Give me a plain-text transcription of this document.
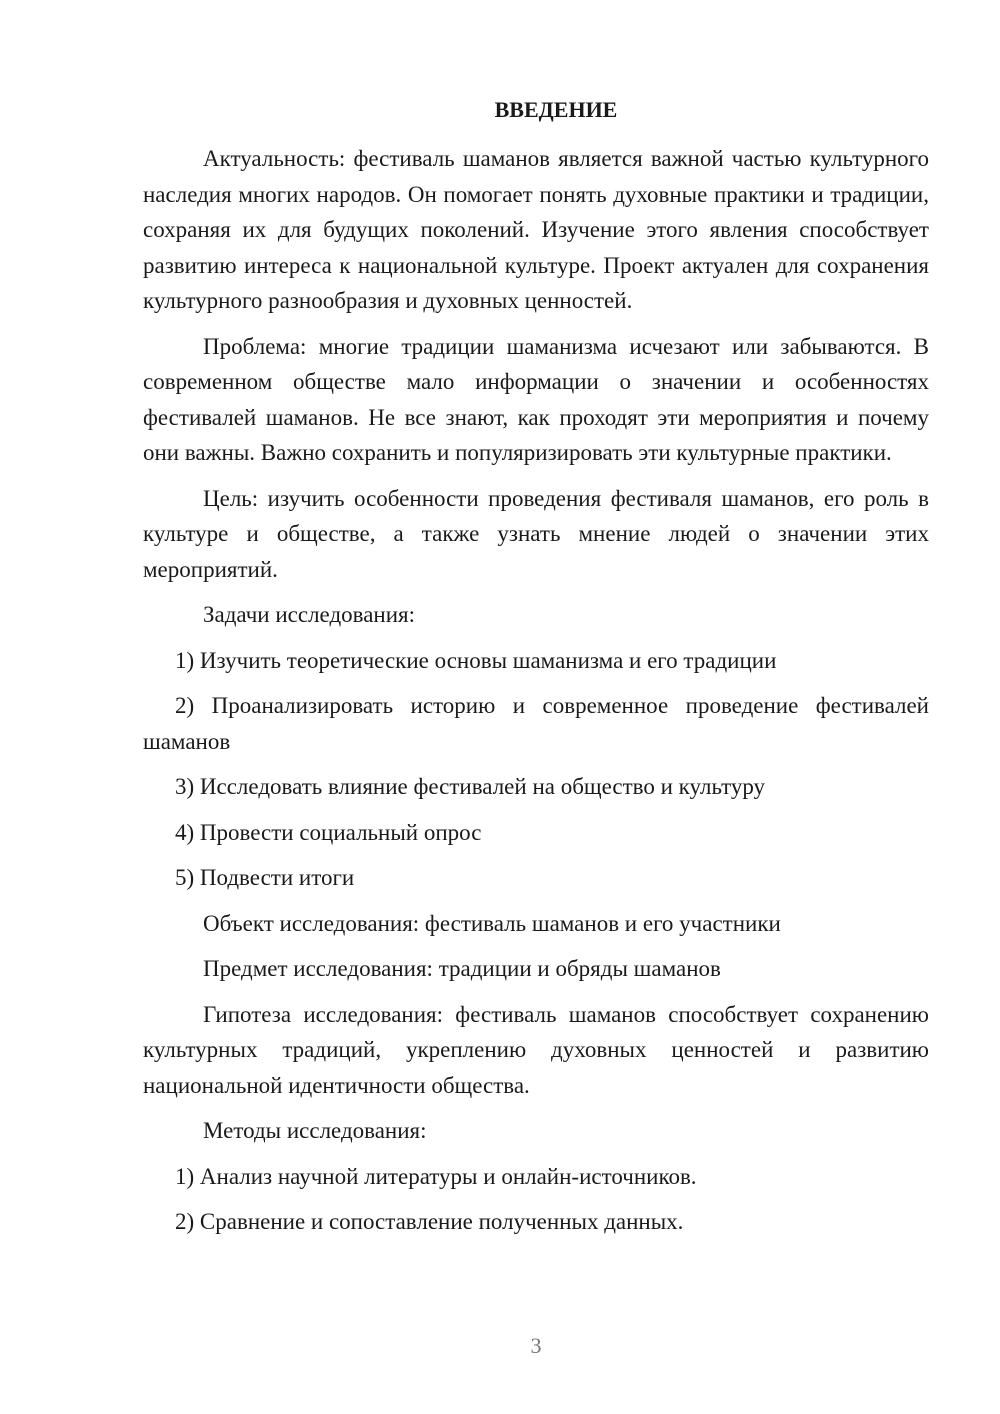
ВВЕДЕНИЕ

Актуальность: фестиваль шаманов является важной частью культурного наследия многих народов. Он помогает понять духовные практики и традиции, сохраняя их для будущих поколений. Изучение этого явления способствует развитию интереса к национальной культуре. Проект актуален для сохранения культурного разнообразия и духовных ценностей.

Проблема: многие традиции шаманизма исчезают или забываются. В современном обществе мало информации о значении и особенностях фестивалей шаманов. Не все знают, как проходят эти мероприятия и почему они важны. Важно сохранить и популяризировать эти культурные практики.

Цель: изучить особенности проведения фестиваля шаманов, его роль в культуре и обществе, а также узнать мнение людей о значении этих мероприятий.

Задачи исследования:

1) Изучить теоретические основы шаманизма и его традиции

2) Проанализировать историю и современное проведение фестивалей шаманов

3) Исследовать влияние фестивалей на общество и культуру

4) Провести социальный опрос

5) Подвести итоги

Объект исследования: фестиваль шаманов и его участники

Предмет исследования: традиции и обряды шаманов

Гипотеза исследования: фестиваль шаманов способствует сохранению культурных традиций, укреплению духовных ценностей и развитию национальной идентичности общества.

Методы исследования:

1) Анализ научной литературы и онлайн-источников.

2) Сравнение и сопоставление полученных данных.

3
